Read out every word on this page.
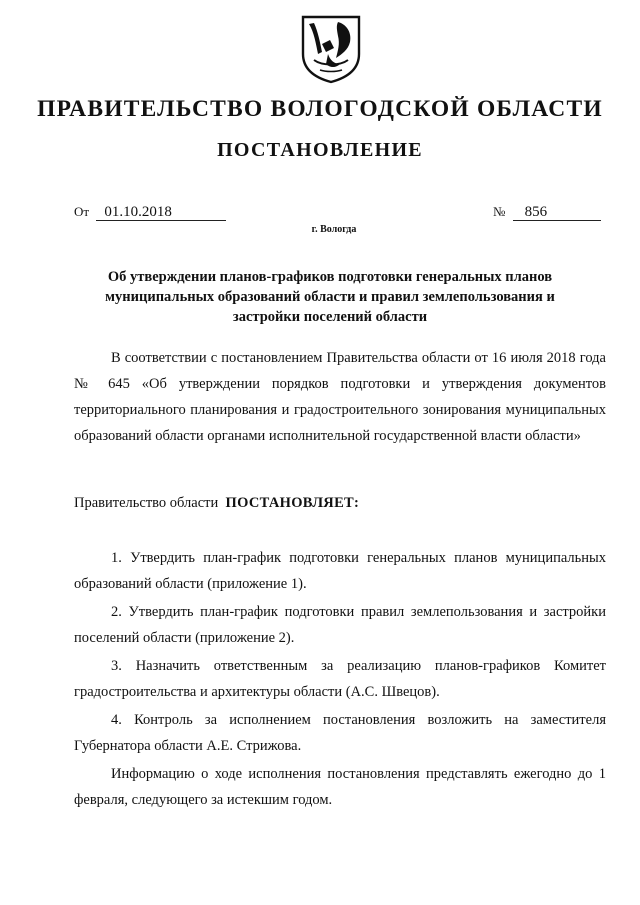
ПРАВИТЕЛЬСТВО ВОЛОГОДСКОЙ ОБЛАСТИ
ПОСТАНОВЛЕНИЕ
От 01.10.2018	№ 856
г. Вологда
Об утверждении планов-графиков подготовки генеральных планов муниципальных образований области и правил землепользования и застройки поселений области

В соответствии с постановлением Правительства области от 16 июля 2018 года № 645 «Об утверждении порядков подготовки и утверждения документов территориального планирования и градостроительного зонирования муниципальных образований области органами исполнительной государственной власти области»

Правительство области ПОСТАНОВЛЯЕТ:

1. Утвердить план-график подготовки генеральных планов муниципальных образований области (приложение 1).

2. Утвердить план-график подготовки правил землепользования и застройки поселений области (приложение 2).

3. Назначить ответственным за реализацию планов-графиков Комитет градостроительства и архитектуры области (А.С. Швецов).

4. Контроль за исполнением постановления возложить на заместителя Губернатора области А.Е. Стрижова.

Информацию о ходе исполнения постановления представлять ежегодно до 1 февраля, следующего за истекшим годом.
